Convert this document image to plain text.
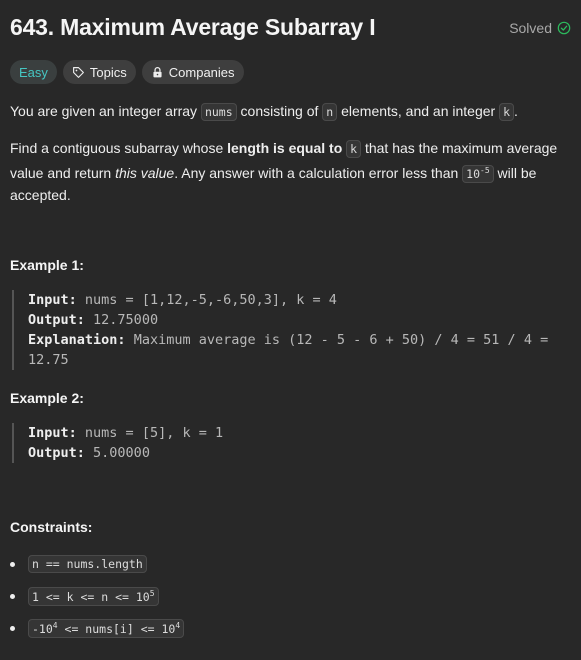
643. Maximum Average Subarray I	Solved
Easy	Topics	Companies
You are given an integer array nums consisting of n elements, and an integer k .
Find a contiguous subarray whose length is equal to k that has the maximum average value and return this value. Any answer with a calculation error less than $10^{-5}$ will be accepted.
Example 1:
Input: nums = [1,12,-5,-6,50,3], k = 4
Output: 12.75000
Explanation: Maximum average is (12 - 5 - 6 + 50) / 4 = 51 / 4 =
12.75
Example 2:
Input: nums = [5], k = 1
Output: 5.00000
Constraints:
n == nums.length
$1 <= k <= n <= 10^5$
$-10^4$ <= nums[i] <= $10^4$
